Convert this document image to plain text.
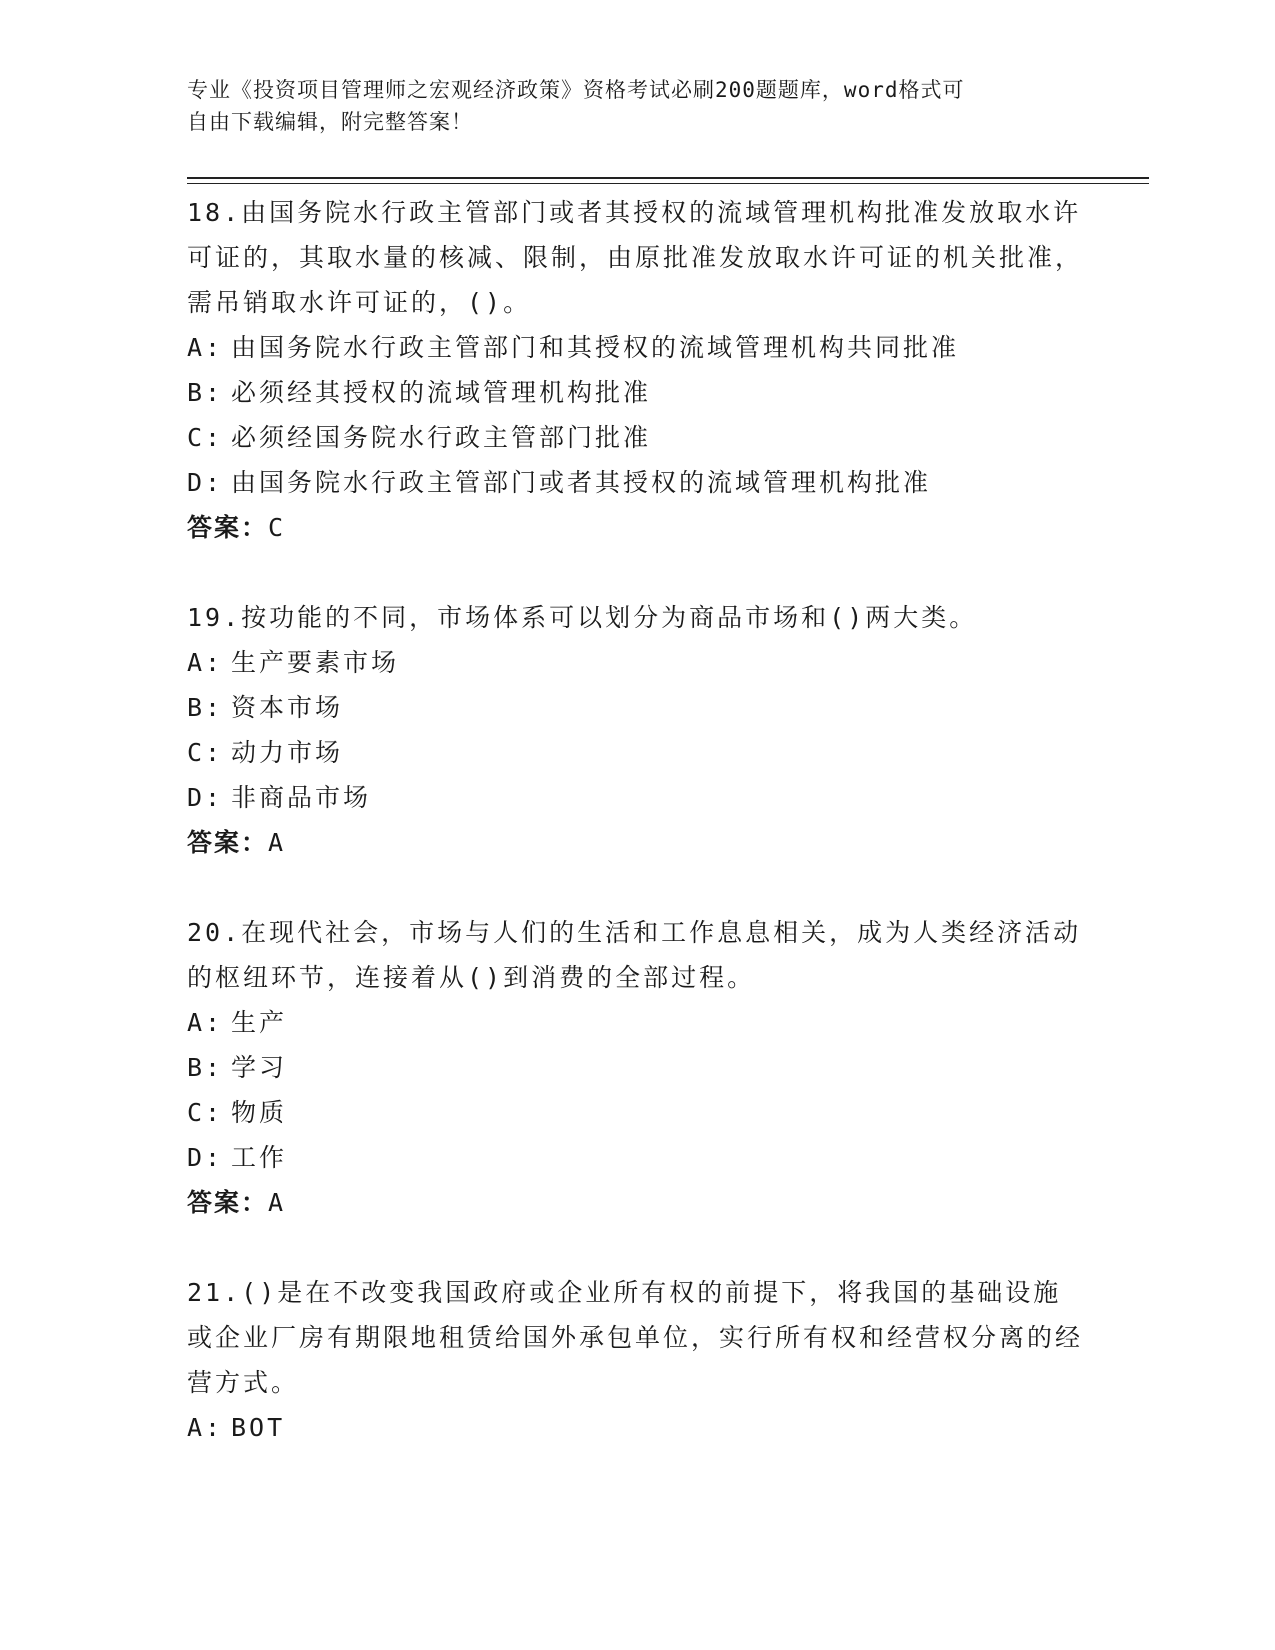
专业《投资项目管理师之宏观经济政策》资格考试必刷200题题库，word格式可
自由下载编辑，附完整答案！

18.由国务院水行政主管部门或者其授权的流域管理机构批准发放取水许可证的，其取水量的核减、限制，由原批准发放取水许可证的机关批准，需吊销取水许可证的，()。

A: 由国务院水行政主管部门和其授权的流域管理机构共同批准

B: 必须经其授权的流域管理机构批准

C: 必须经国务院水行政主管部门批准

D: 由国务院水行政主管部门或者其授权的流域管理机构批准

答案：C

19.按功能的不同，市场体系可以划分为商品市场和()两大类。

A: 生产要素市场

B: 资本市场

C: 动力市场

D: 非商品市场

答案：A

20.在现代社会，市场与人们的生活和工作息息相关，成为人类经济活动的枢纽环节，连接着从()到消费的全部过程。

A: 生产

B: 学习

C: 物质

D: 工作

答案：A

21.()是在不改变我国政府或企业所有权的前提下，将我国的基础设施或企业厂房有期限地租赁给国外承包单位，实行所有权和经营权分离的经营方式。

A: BOT
